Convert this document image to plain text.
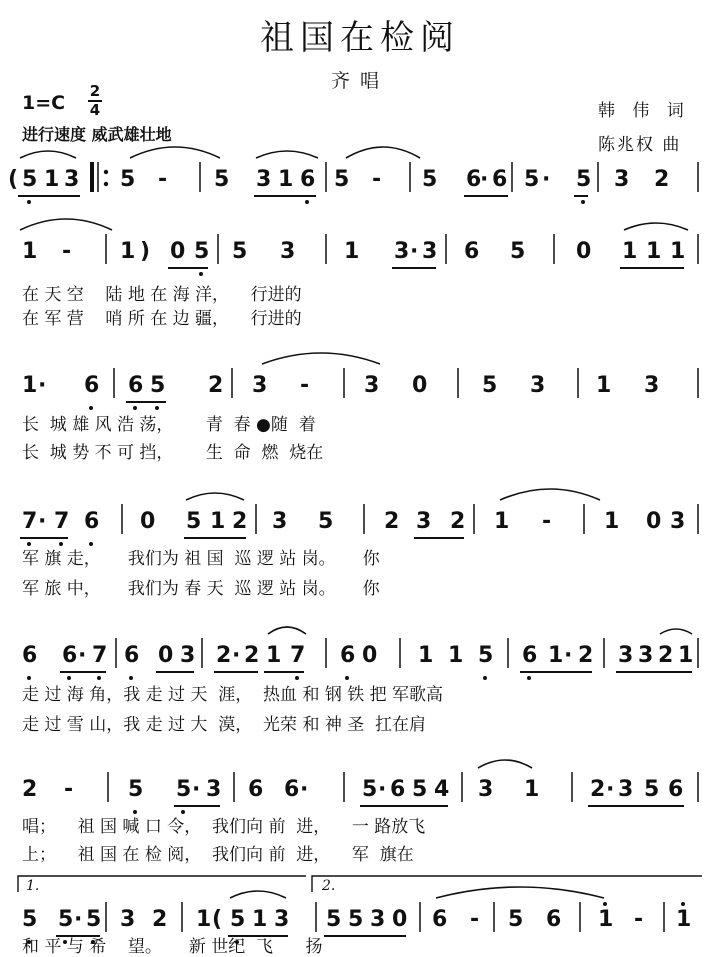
祖国在检阅
齐唱
1=C
2
4
进行速度 威武雄壮地
韩 伟 词
陈兆权 曲
( 5 1 3 5 - 5 3 1 6 5 - 5 6
· 6 5 · 5 3 2
1 - 1 ) 0 5 5 3 1 3 · 3 6 5 0 1 1 1
在 天 空    陆 地 在 海 洋，    行进的
在 军 营    哨 所 在 边 疆，    行进的
1 · 6 6 5 2 3 - 3 0 5 3 1 3
长  城 雄 风 浩 荡，      青  春 ●随  着
长  城 势 不 可 挡，      生  命  燃  烧在
7 · 7 6 0 5 1 2 3 5 2 3 2 1 - 1 0 3
军 旗 走，     我们为 祖 国  巡 逻 站 岗。     你
军 旅 中，     我们为 春 天  巡 逻 站 岗。     你
6 6 · 7 6 0 3 2 · 2 1 7 6 0 1 1 5 6 1 · 2 3 3 2 1
走 过 海 角，我 走 过 天  涯，  热血 和 钢 铁 把 军歌高
走 过 雪 山，我 走 过 大  漠，  光荣 和 神 圣  扛在肩
2 - 5 5 · 3 6 6 · 5 · 6 5 4 3 1 2 · 3 5 6
唱；    祖 国 喊 口 令，  我们向 前  进，    一 路放飞
上；    祖 国 在 检 阅，  我们向 前  进，    军  旗在
5 5 · 5 3 2 1 ( 5 1 3 5 5 3 0 6 - 5 6 1 - 1
1.	2.
和 平 与 希    望。     新 世纪  飞      扬
